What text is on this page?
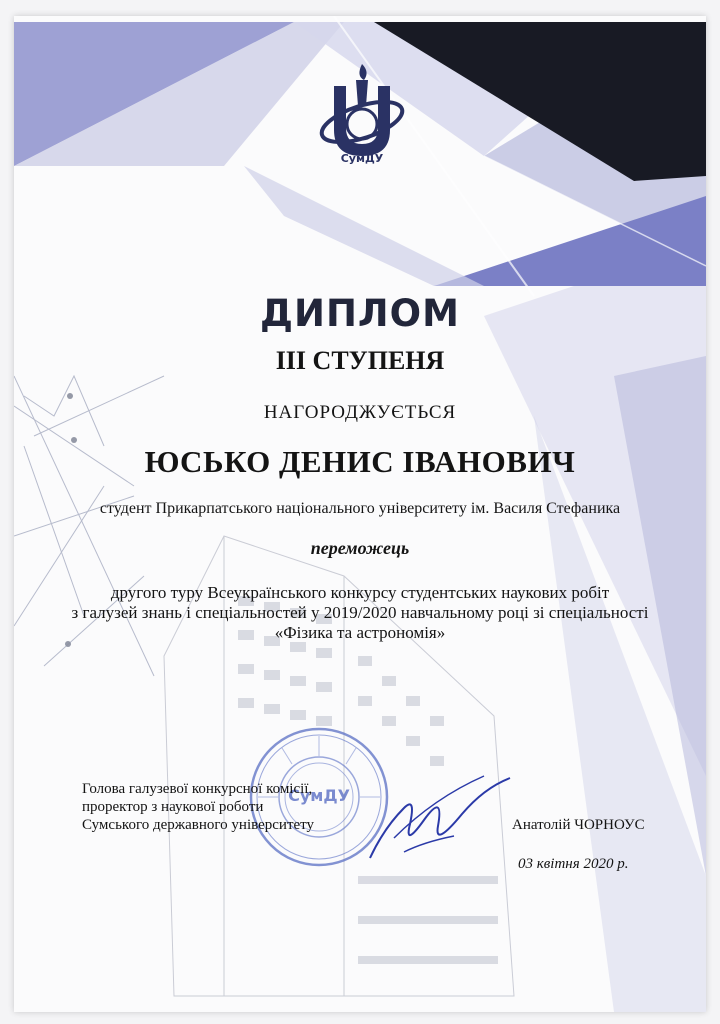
СумДУ
ДИПЛОМ
ІІІ СТУПЕНЯ
НАГОРОДЖУЄТЬСЯ
ЮСЬКО ДЕНИС ІВАНОВИЧ
студент Прикарпатського національного університету ім. Василя Стефаника
переможець
другого туру Всеукраїнського конкурсу студентських наукових робіт
з галузей знань і спеціальностей у 2019/2020 навчальному році зі спеціальності
«Фізика та астрономія»
СумДУ
Голова галузевої конкурсної комісії,
проректор з наукової роботи
Сумського державного університету	Анатолій ЧОРНОУС
03 квітня 2020 р.
